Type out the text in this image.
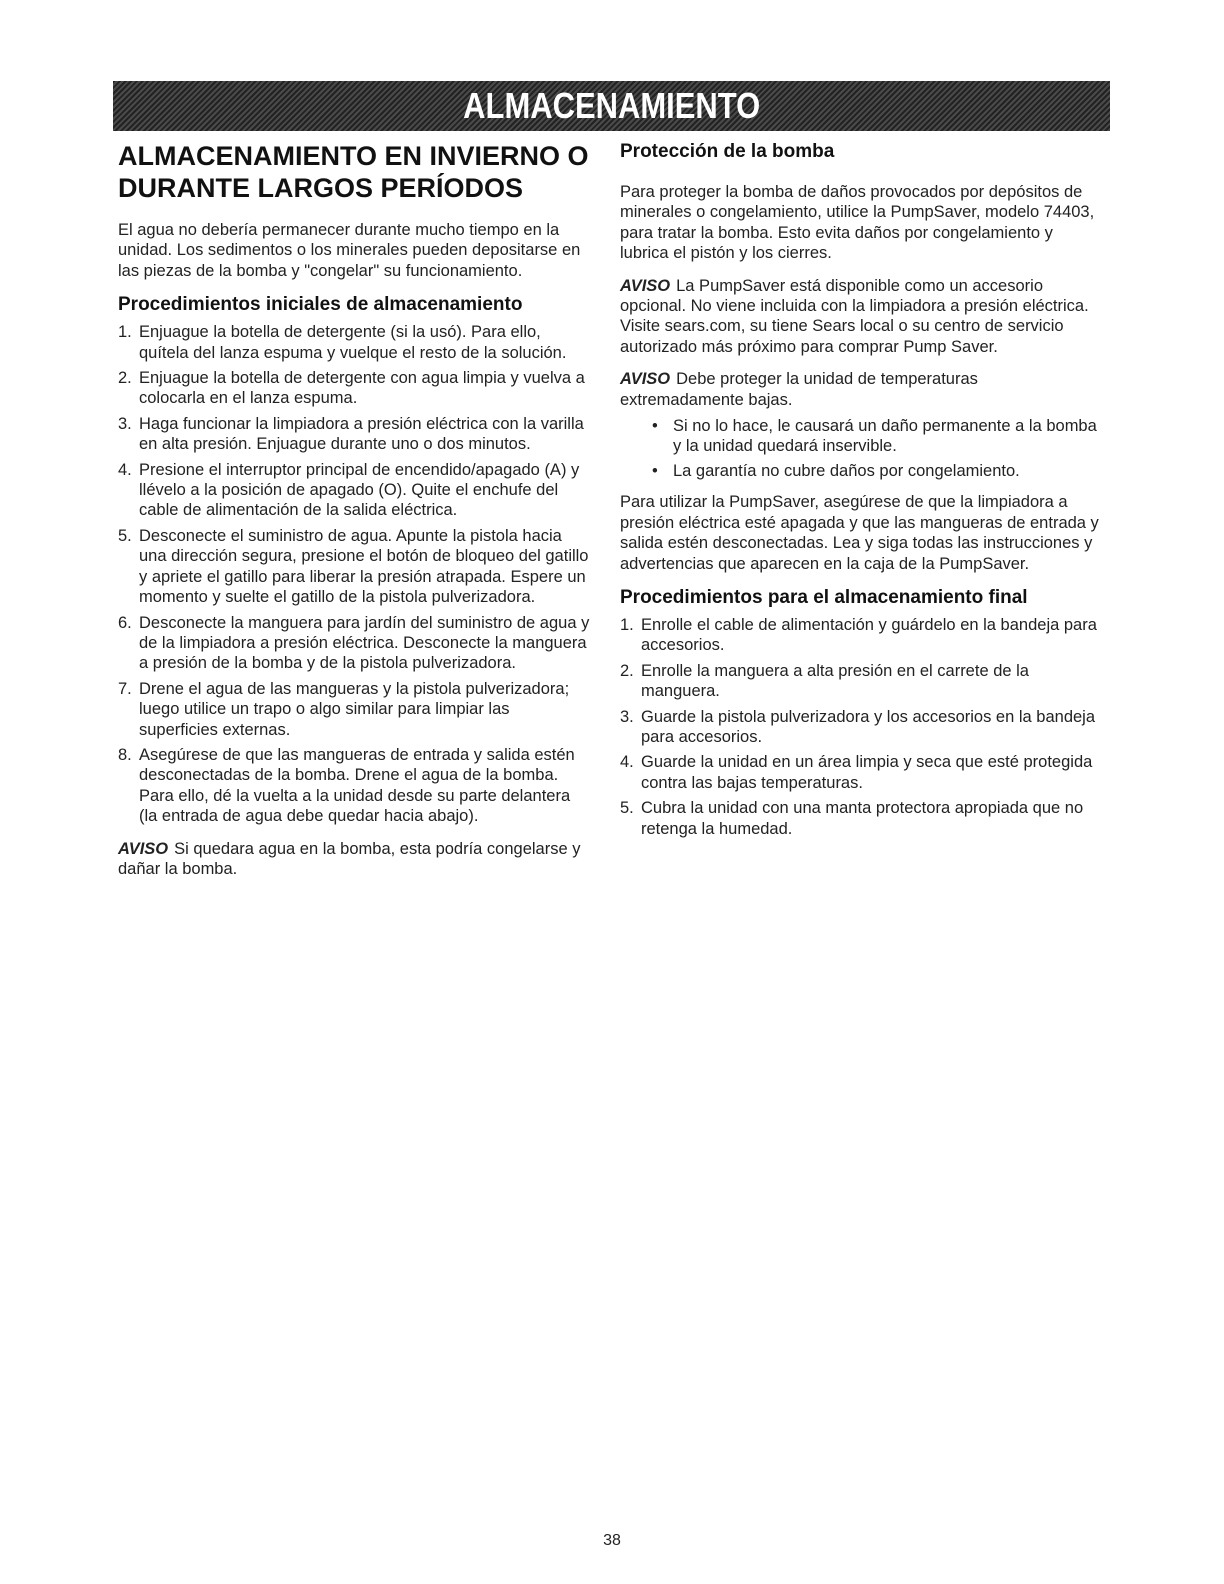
ALMACENAMIENTO
ALMACENAMIENTO EN INVIERNO O DURANTE LARGOS PERÍODOS

El agua no debería permanecer durante mucho tiempo en la unidad. Los sedimentos o los minerales pueden depositarse en las piezas de la bomba y "congelar" su funcionamiento.

Procedimientos iniciales de almacenamiento
1. Enjuague la botella de detergente (si la usó). Para ello, quítela del lanza espuma y vuelque el resto de la solución.
2. Enjuague la botella de detergente con agua limpia y vuelva a colocarla en el lanza espuma.
3. Haga funcionar la limpiadora a presión eléctrica con la varilla en alta presión. Enjuague durante uno o dos minutos.
4. Presione el interruptor principal de encendido/apagado (A) y llévelo a la posición de apagado (O). Quite el enchufe del cable de alimentación de la salida eléctrica.
5. Desconecte el suministro de agua. Apunte la pistola hacia una dirección segura, presione el botón de bloqueo del gatillo y apriete el gatillo para liberar la presión atrapada. Espere un momento y suelte el gatillo de la pistola pulverizadora.
6. Desconecte la manguera para jardín del suministro de agua y de la limpiadora a presión eléctrica. Desconecte la manguera a presión de la bomba y de la pistola pulverizadora.
7. Drene el agua de las mangueras y la pistola pulverizadora; luego utilice un trapo o algo similar para limpiar las superficies externas.
8. Asegúrese de que las mangueras de entrada y salida estén desconectadas de la bomba. Drene el agua de la bomba. Para ello, dé la vuelta a la unidad desde su parte delantera (la entrada de agua debe quedar hacia abajo).

AVISO Si quedara agua en la bomba, esta podría congelarse y dañar la bomba.

Protección de la bomba

Para proteger la bomba de daños provocados por depósitos de minerales o congelamiento, utilice la PumpSaver, modelo 74403, para tratar la bomba. Esto evita daños por congelamiento y lubrica el pistón y los cierres.

AVISO La PumpSaver está disponible como un accesorio opcional. No viene incluida con la limpiadora a presión eléctrica. Visite sears.com, su tiene Sears local o su centro de servicio autorizado más próximo para comprar Pump Saver.

AVISO Debe proteger la unidad de temperaturas extremadamente bajas.

• Si no lo hace, le causará un daño permanente a la bomba y la unidad quedará inservible.
• La garantía no cubre daños por congelamiento.

Para utilizar la PumpSaver, asegúrese de que la limpiadora a presión eléctrica esté apagada y que las mangueras de entrada y salida estén desconectadas. Lea y siga todas las instrucciones y advertencias que aparecen en la caja de la PumpSaver.

Procedimientos para el almacenamiento final
1. Enrolle el cable de alimentación y guárdelo en la bandeja para accesorios.
2. Enrolle la manguera a alta presión en el carrete de la manguera.
3. Guarde la pistola pulverizadora y los accesorios en la bandeja para accesorios.
4. Guarde la unidad en un área limpia y seca que esté protegida contra las bajas temperaturas.
5. Cubra la unidad con una manta protectora apropiada que no retenga la humedad.
38
